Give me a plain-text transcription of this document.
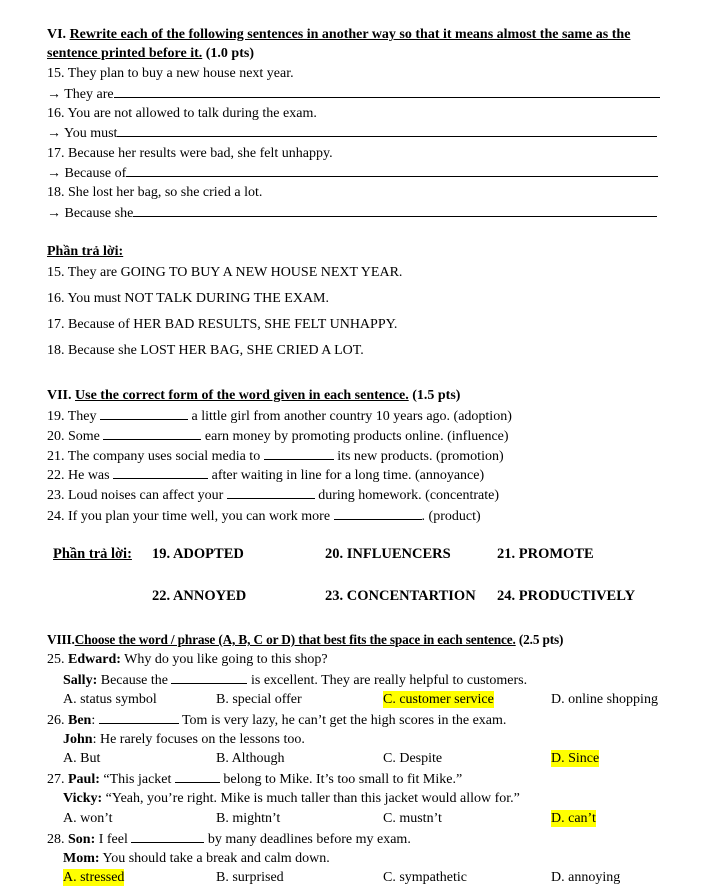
VI. Rewrite each of the following sentences in another way so that it means almost the same as the
sentence printed before it. (1.0 pts)
15. They plan to buy a new house next year.
→ They are
16. You are not allowed to talk during the exam.
→ You must
17. Because her results were bad, she felt unhappy.
→ Because of
18. She lost her bag, so she cried a lot.
→ Because she
Phần trả lời:
15. They are GOING TO BUY A NEW HOUSE NEXT YEAR.
16. You must NOT TALK DURING THE EXAM.
17. Because of HER BAD RESULTS, SHE FELT UNHAPPY.
18. Because she LOST HER BAG, SHE CRIED A LOT.
VII. Use the correct form of the word given in each sentence. (1.5 pts)
19. They	a little girl from another country 10 years ago. (adoption)
20. Some	earn money by promoting products online. (influence)
21. The company uses social media to	its new products. (promotion)
22. He was	after waiting in line for a long time. (annoyance)
23. Loud noises can affect your	during homework. (concentrate)
24. If you plan your time well, you can work more	. (product)
Phần trả lời: 19. ADOPTED	20. INFLUENCERS	21. PROMOTE
22. ANNOYED	23. CONCENTARTION 24. PRODUCTIVELY
VIII.Choose the word / phrase (A, B, C or D) that best fits the space in each sentence. (2.5 pts)
25. Edward: Why do you like going to this shop?
Sally: Because the	is excellent. They are really helpful to customers.
A. status symbol	B. special offer	C. customer service	D. online shopping
26. Ben:	Tom is very lazy, he can’t get the high scores in the exam.
John: He rarely focuses on the lessons too.
A. But	B. Although	C. Despite	D. Since
27. Paul: “This jacket	belong to Mike. It’s too small to fit Mike.”
Vicky: “Yeah, you’re right. Mike is much taller than this jacket would allow for.”
A. won’t	B. mightn’t	C. mustn’t	D. can’t
28. Son: I feel	by many deadlines before my exam.
Mom: You should take a break and calm down.
A. stressed	B. surprised	C. sympathetic	D. annoying
